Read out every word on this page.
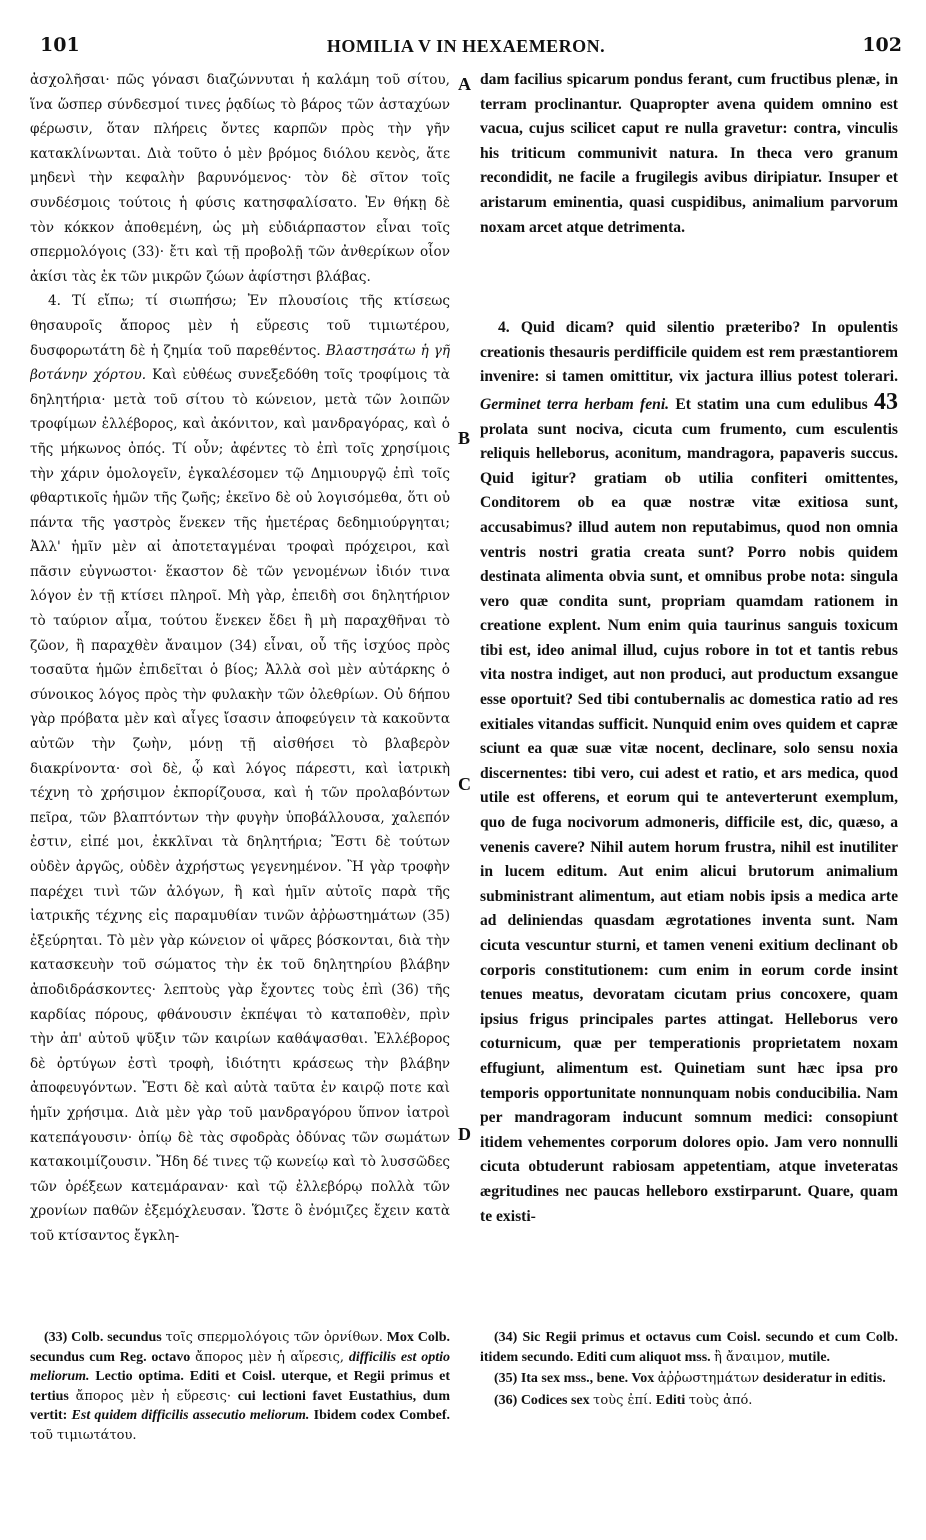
101	HOMILIA V IN HEXAEMERON.	102

ἀσχολῆσαι· πῶς γόνασι διαζώννυται ἡ καλάμη τοῦ σίτου, ἵνα ὥσπερ σύνδεσμοί τινες ῥᾳδίως τὸ βάρος τῶν ἀσταχύων φέρωσιν, ὅταν πλήρεις ὄντες καρπῶν πρὸς τὴν γῆν κατακλίνωνται. Διὰ τοῦτο ὁ μὲν βρόμος διόλου κενὸς, ἅτε μηδενὶ τὴν κεφαλὴν βαρυνόμενος· τὸν δὲ σῖτον τοῖς συνδέσμοις τούτοις ἡ φύσις κατησφαλίσατο. Ἐν θήκῃ δὲ τὸν κόκκον ἀποθεμένη, ὡς μὴ εὐδιάρπαστον εἶναι τοῖς σπερμολόγοις (33)· ἔτι καὶ τῇ προβολῇ τῶν ἀνθερίκων οἷον ἀκίσι τὰς ἐκ τῶν μικρῶν ζώων ἀφίστησι βλάβας.

4. Τί εἴπω; τί σιωπήσω; Ἐν πλουσίοις τῆς κτίσεως θησαυροῖς ἄπορος μὲν ἡ εὕρεσις τοῦ τιμιωτέρου, δυσφορωτάτη δὲ ἡ ζημία τοῦ παρεθέντος. Βλαστησάτω ἡ γῆ βοτάνην χόρτου. Καὶ εὐθέως συνεξεδόθη τοῖς τροφίμοις τὰ δηλητήρια· μετὰ τοῦ σίτου τὸ κώνειον, μετὰ τῶν λοιπῶν τροφίμων ἐλλέβορος, καὶ ἀκόνιτον, καὶ μανδραγόρας, καὶ ὁ τῆς μήκωνος ὀπός. Τί οὖν; ἀφέντες τὸ ἐπὶ τοῖς χρησίμοις τὴν χάριν ὁμολογεῖν, ἐγκαλέσομεν τῷ Δημιουργῷ ἐπὶ τοῖς φθαρτικοῖς ἡμῶν τῆς ζωῆς; ἐκεῖνο δὲ οὐ λογισόμεθα, ὅτι οὐ πάντα τῆς γαστρὸς ἕνεκεν τῆς ἡμετέρας δεδημιούργηται; Ἀλλ' ἡμῖν μὲν αἱ ἀποτεταγμέναι τροφαὶ πρόχειροι, καὶ πᾶσιν εὐγνωστοι· ἕκαστον δὲ τῶν γενομένων ἰδιόν τινα λόγον ἐν τῇ κτίσει πληροῖ. Μὴ γὰρ, ἐπειδὴ σοι δηλητήριον τὸ ταύριον αἷμα, τούτου ἕνεκεν ἔδει ἢ μὴ παραχθῆναι τὸ ζῶον, ἢ παραχθὲν ἄναιμον (34) εἶναι, οὗ τῆς ἰσχύος πρὸς τοσαῦτα ἡμῶν ἐπιδεῖται ὁ βίος; Ἀλλὰ σοὶ μὲν αὐτάρκης ὁ σύνοικος λόγος πρὸς τὴν φυλακὴν τῶν ὀλεθρίων. Οὐ δήπου γὰρ πρόβατα μὲν καὶ αἶγες ἴσασιν ἀποφεύγειν τὰ κακοῦντα αὐτῶν τὴν ζωὴν, μόνῃ τῇ αἰσθήσει τὸ βλαβερὸν διακρίνοντα· σοὶ δὲ, ᾧ καὶ λόγος πάρεστι, καὶ ἰατρικὴ τέχνη τὸ χρήσιμον ἐκπορίζουσα, καὶ ἡ τῶν προλαβόντων πεῖρα, τῶν βλαπτόντων τὴν φυγὴν ὑποβάλλουσα, χαλεπόν ἐστιν, εἰπέ μοι, ἐκκλῖναι τὰ δηλητήρια; Ἔστι δὲ τούτων οὐδὲν ἀργῶς, οὐδὲν ἀχρήστως γεγενημένον. Ἢ γὰρ τροφὴν παρέχει τινὶ τῶν ἀλόγων, ἢ καὶ ἡμῖν αὐτοῖς παρὰ τῆς ἰατρικῆς τέχνης εἰς παραμυθίαν τινῶν ἀῤῥωστημάτων (35) ἐξεύρηται. Τὸ μὲν γὰρ κώνειον οἱ ψᾶρες βόσκονται, διὰ τὴν κατασκευὴν τοῦ σώματος τὴν ἐκ τοῦ δηλητηρίου βλάβην ἀποδιδράσκοντες· λεπτοὺς γὰρ ἔχοντες τοὺς ἐπὶ (36) τῆς καρδίας πόρους, φθάνουσιν ἐκπέψαι τὸ καταποθὲν, πρὶν τὴν ἀπ' αὐτοῦ ψῦξιν τῶν καιρίων καθάψασθαι. Ἐλλέβορος δὲ ὀρτύγων ἐστὶ τροφὴ, ἰδιότητι κράσεως τὴν βλάβην ἀποφευγόντων. Ἔστι δὲ καὶ αὐτὰ ταῦτα ἐν καιρῷ ποτε καὶ ἡμῖν χρήσιμα. Διὰ μὲν γὰρ τοῦ μανδραγόρου ὕπνον ἰατροὶ κατεπάγουσιν· ὀπίῳ δὲ τὰς σφοδρὰς ὀδύνας τῶν σωμάτων κατακοιμίζουσιν. Ἤδη δέ τινες τῷ κωνείῳ καὶ τὸ λυσσῶδες τῶν ὀρέξεων κατεμάραναν· καὶ τῷ ἐλλεβόρῳ πολλὰ τῶν χρονίων παθῶν ἐξεμόχλευσαν. Ὥστε ὃ ἐνόμιζες ἔχειν κατὰ τοῦ κτίσαντος ἔγκλη-

A
B
C
D

dam facilius spicarum pondus ferant, cum fructibus plenæ, in terram proclinantur. Quapropter avena quidem omnino est vacua, cujus scilicet caput re nulla gravetur: contra, vinculis his triticum communivit natura. In theca vero granum recondidit, ne facile a frugilegis avibus diripiatur. Insuper et aristarum eminentia, quasi cuspidibus, animalium parvorum noxam arcet atque detrimenta.

4. Quid dicam? quid silentio præteribo? In opulentis creationis thesauris perdifficile quidem est rem præstantiorem invenire: si tamen omittitur, vix jactura illius potest tolerari. Germinet terra herbam feni. Et statim una cum edulibus 43 prolata sunt nociva, cicuta cum frumento, cum esculentis reliquis helleborus, aconitum, mandragora, papaveris succus. Quid igitur? gratiam ob utilia confiteri omittentes, Conditorem ob ea quæ nostræ vitæ exitiosa sunt, accusabimus? illud autem non reputabimus, quod non omnia ventris nostri gratia creata sunt? Porro nobis quidem destinata alimenta obvia sunt, et omnibus probe nota: singula vero quæ condita sunt, propriam quamdam rationem in creatione explent. Num enim quia taurinus sanguis toxicum tibi est, ideo animal illud, cujus robore in tot et tantis rebus vita nostra indiget, aut non produci, aut productum exsangue esse oportuit? Sed tibi contubernalis ac domestica ratio ad res exitiales vitandas sufficit. Nunquid enim oves quidem et capræ sciunt ea quæ suæ vitæ nocent, declinare, solo sensu noxia discernentes: tibi vero, cui adest et ratio, et ars medica, quod utile est offerens, et eorum qui te anteverterunt exemplum, quo de fuga nocivorum admoneris, difficile est, dic, quæso, a venenis cavere? Nihil autem horum frustra, nihil est inutiliter in lucem editum. Aut enim alicui brutorum animalium subministrant alimentum, aut etiam nobis ipsis a medica arte ad deliniendas quasdam ægrotationes inventa sunt. Nam cicuta vescuntur sturni, et tamen veneni exitium declinant ob corporis constitutionem: cum enim in eorum corde insint tenues meatus, devoratam cicutam prius concoxere, quam ipsius frigus principales partes attingat. Helleborus vero coturnicum, quæ per temperationis proprietatem noxam effugiunt, alimentum est. Quinetiam sunt hæc ipsa pro temporis opportunitate nonnunquam nobis conducibilia. Nam per mandragoram inducunt somnum medici: consopiunt itidem vehementes corporum dolores opio. Jam vero nonnulli cicuta obtuderunt rabiosam appetentiam, atque inveteratas ægritudines nec paucas helleboro exstirparunt. Quare, quam te existi-

(33) Colb. secundus τοῖς σπερμολόγοις τῶν ὀρνίθων. Mox Colb. secundus cum Reg. octavo ἄπορος μὲν ἡ αἵρεσις, difficilis est optio meliorum. Lectio optima. Editi et Coisl. uterque, et Regii primus et tertius ἄπορος μὲν ἡ εὕρεσις· cui lectioni favet Eustathius, dum vertit: Est quidem difficilis assecutio meliorum. Ibidem codex Combef. τοῦ τιμιωτάτου.

(34) Sic Regii primus et octavus cum Coisl. secundo et cum Colb. itidem secundo. Editi cum aliquot mss. ἢ ἄναιμον, mutile.

(35) Ita sex mss., bene. Vox ἀῤῥωστημάτων desideratur in editis.

(36) Codices sex τοὺς ἐπί. Editi τοὺς ἀπό.
